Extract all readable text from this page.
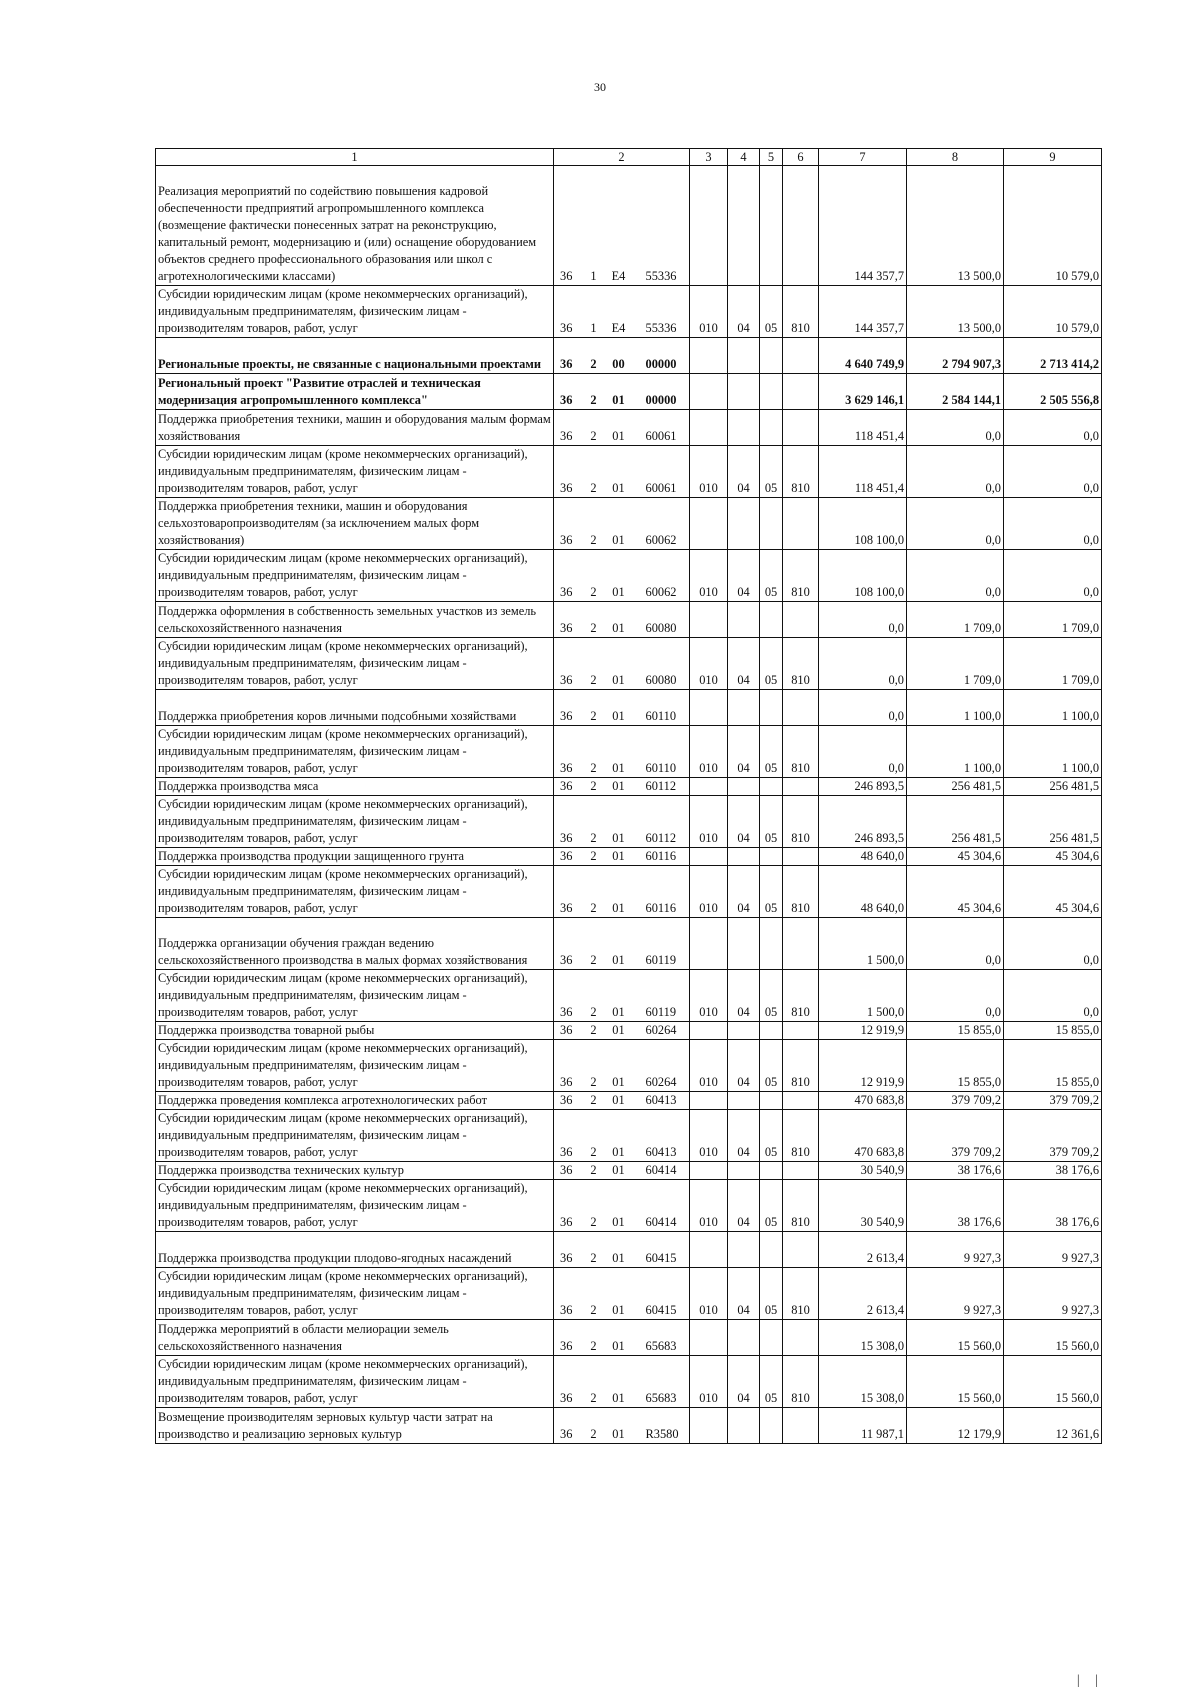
30
1	2				3	4	5	6	7	8	9
Реализация мероприятий по содействию повышения кадровой обеспеченности предприятий агропромышленного комплекса (возмещение фактически понесенных затрат на реконструкцию, капитальный ремонт, модернизацию и (или) оснащение оборудованием объектов среднего профессионального образования или школ с агротехнологическими классами)	36	1	Е4	55336					144 357,7	13 500,0	10 579,0
Субсидии юридическим лицам (кроме некоммерческих организаций), индивидуальным предпринимателям, физическим лицам - производителям товаров, работ, услуг	36	1	Е4	55336	010	04	05	810	144 357,7	13 500,0	10 579,0
Региональные проекты, не связанные с национальными проектами	36	2	00	00000					4 640 749,9	2 794 907,3	2 713 414,2
Региональный проект "Развитие отраслей и техническая модернизация агропромышленного комплекса"	36	2	01	00000					3 629 146,1	2 584 144,1	2 505 556,8
Поддержка приобретения техники, машин и оборудования малым формам хозяйствования	36	2	01	60061					118 451,4	0,0	0,0
Субсидии юридическим лицам (кроме некоммерческих организаций), индивидуальным предпринимателям, физическим лицам - производителям товаров, работ, услуг	36	2	01	60061	010	04	05	810	118 451,4	0,0	0,0
Поддержка приобретения техники, машин и оборудования сельхозтоваропроизводителям (за исключением малых форм хозяйствования)	36	2	01	60062					108 100,0	0,0	0,0
Субсидии юридическим лицам (кроме некоммерческих организаций), индивидуальным предпринимателям, физическим лицам - производителям товаров, работ, услуг	36	2	01	60062	010	04	05	810	108 100,0	0,0	0,0
Поддержка оформления в собственность земельных участков из земель сельскохозяйственного назначения	36	2	01	60080					0,0	1 709,0	1 709,0
Субсидии юридическим лицам (кроме некоммерческих организаций), индивидуальным предпринимателям, физическим лицам - производителям товаров, работ, услуг	36	2	01	60080	010	04	05	810	0,0	1 709,0	1 709,0
Поддержка приобретения коров личными подсобными хозяйствами	36	2	01	60110					0,0	1 100,0	1 100,0
Субсидии юридическим лицам (кроме некоммерческих организаций), индивидуальным предпринимателям, физическим лицам - производителям товаров, работ, услуг	36	2	01	60110	010	04	05	810	0,0	1 100,0	1 100,0
Поддержка производства мяса	36	2	01	60112					246 893,5	256 481,5	256 481,5
Субсидии юридическим лицам (кроме некоммерческих организаций), индивидуальным предпринимателям, физическим лицам - производителям товаров, работ, услуг	36	2	01	60112	010	04	05	810	246 893,5	256 481,5	256 481,5
Поддержка производства продукции защищенного грунта	36	2	01	60116					48 640,0	45 304,6	45 304,6
Субсидии юридическим лицам (кроме некоммерческих организаций), индивидуальным предпринимателям, физическим лицам - производителям товаров, работ, услуг	36	2	01	60116	010	04	05	810	48 640,0	45 304,6	45 304,6
Поддержка организации обучения граждан ведению сельскохозяйственного производства в малых формах хозяйствования	36	2	01	60119					1 500,0	0,0	0,0
Субсидии юридическим лицам (кроме некоммерческих организаций), индивидуальным предпринимателям, физическим лицам - производителям товаров, работ, услуг	36	2	01	60119	010	04	05	810	1 500,0	0,0	0,0
Поддержка производства товарной рыбы	36	2	01	60264					12 919,9	15 855,0	15 855,0
Субсидии юридическим лицам (кроме некоммерческих организаций), индивидуальным предпринимателям, физическим лицам - производителям товаров, работ, услуг	36	2	01	60264	010	04	05	810	12 919,9	15 855,0	15 855,0
Поддержка проведения комплекса агротехнологических работ	36	2	01	60413					470 683,8	379 709,2	379 709,2
Субсидии юридическим лицам (кроме некоммерческих организаций), индивидуальным предпринимателям, физическим лицам - производителям товаров, работ, услуг	36	2	01	60413	010	04	05	810	470 683,8	379 709,2	379 709,2
Поддержка производства технических культур	36	2	01	60414					30 540,9	38 176,6	38 176,6
Субсидии юридическим лицам (кроме некоммерческих организаций), индивидуальным предпринимателям, физическим лицам - производителям товаров, работ, услуг	36	2	01	60414	010	04	05	810	30 540,9	38 176,6	38 176,6
Поддержка производства продукции плодово-ягодных насаждений	36	2	01	60415					2 613,4	9 927,3	9 927,3
Субсидии юридическим лицам (кроме некоммерческих организаций), индивидуальным предпринимателям, физическим лицам - производителям товаров, работ, услуг	36	2	01	60415	010	04	05	810	2 613,4	9 927,3	9 927,3
Поддержка мероприятий в области мелиорации земель сельскохозяйственного назначения	36	2	01	65683					15 308,0	15 560,0	15 560,0
Субсидии юридическим лицам (кроме некоммерческих организаций), индивидуальным предпринимателям, физическим лицам - производителям товаров, работ, услуг	36	2	01	65683	010	04	05	810	15 308,0	15 560,0	15 560,0
Возмещение производителям зерновых культур части затрат на производство и реализацию зерновых культур	36	2	01	R3580					11 987,1	12 179,9	12 361,6
| |
